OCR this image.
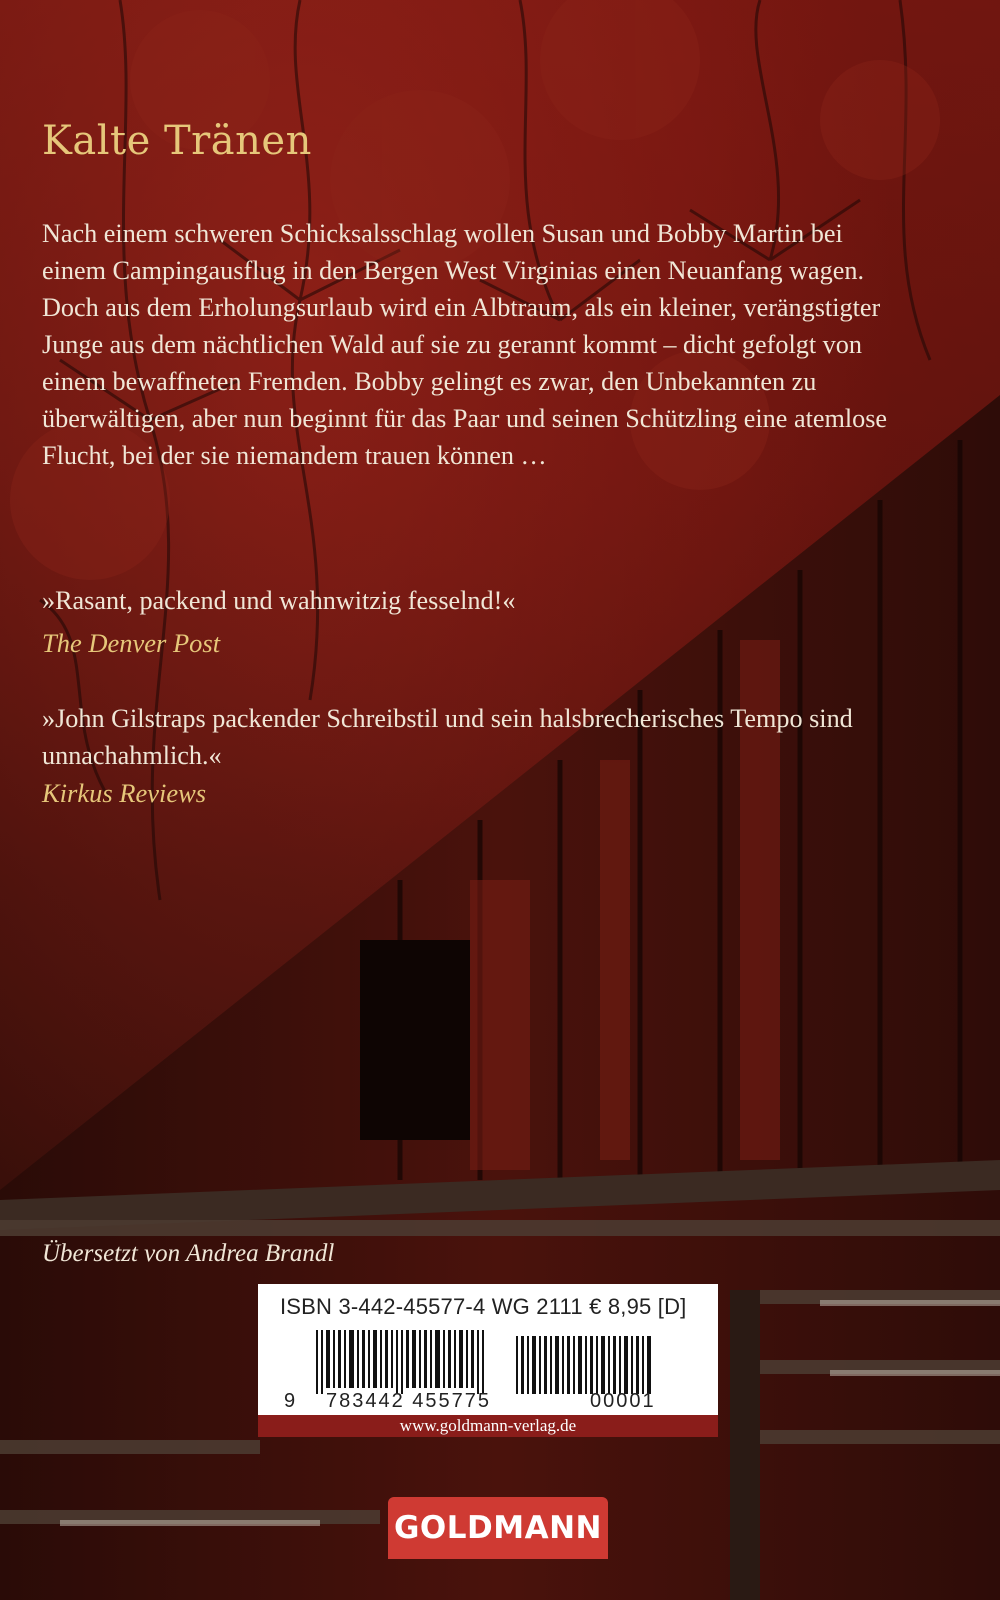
Kalte Tränen

Nach einem schweren Schicksalsschlag wollen Susan und Bobby Martin bei einem Campingausflug in den Bergen West Virginias einen Neuanfang wagen. Doch aus dem Erholungsurlaub wird ein Albtraum, als ein kleiner, verängstigter Junge aus dem nächtlichen Wald auf sie zu gerannt kommt – dicht gefolgt von einem bewaffneten Fremden. Bobby gelingt es zwar, den Unbekannten zu überwältigen, aber nun beginnt für das Paar und seinen Schützling eine atemlose Flucht, bei der sie niemandem trauen können …

»Rasant, packend und wahnwitzig fesselnd!«

The Denver Post

»John Gilstraps packender Schreibstil und sein halsbrecherisches Tempo sind unnachahmlich.«

Kirkus Reviews

Übersetzt von Andrea Brandl

ISBN 3-442-45577-4 WG 2111 € 8,95 [D]

9 783442 455775	00001

www.goldmann-verlag.de
GOLDMANN
